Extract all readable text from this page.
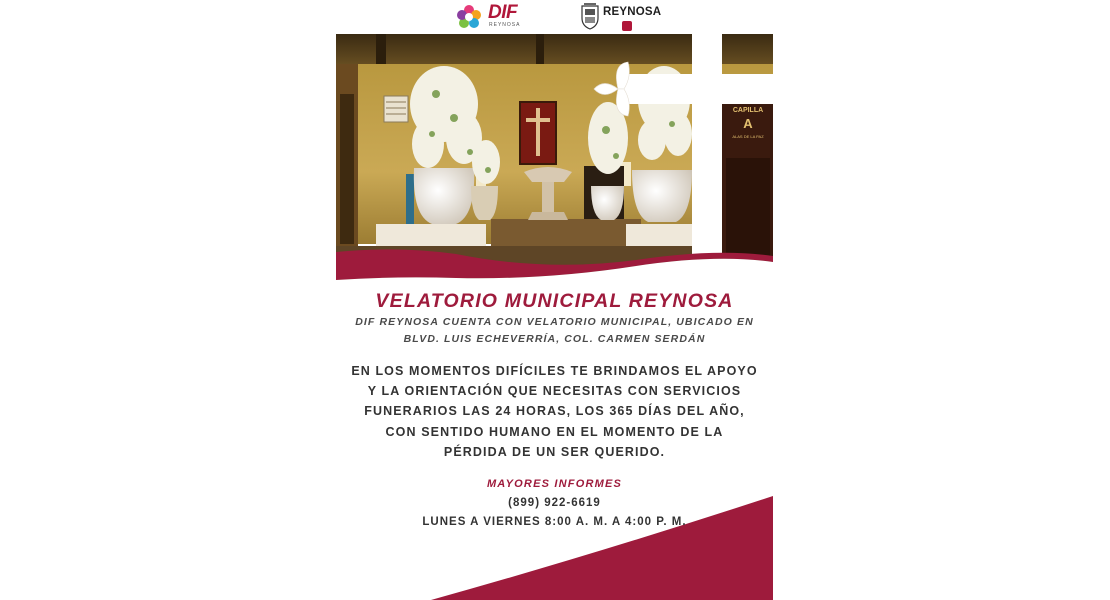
DIF
REYNOSA
REYNOSA
CAPILLA
A
ALAS DE LA PAZ
VELATORIO MUNICIPAL REYNOSA
DIF REYNOSA CUENTA CON VELATORIO MUNICIPAL, UBICADO EN
BLVD. LUIS ECHEVERRÍA, COL. CARMEN SERDÁN
EN LOS MOMENTOS DIFÍCILES TE BRINDAMOS EL APOYO
Y LA ORIENTACIÓN QUE NECESITAS CON SERVICIOS
FUNERARIOS LAS 24 HORAS, LOS 365 DÍAS DEL AÑO,
CON SENTIDO HUMANO EN EL MOMENTO DE LA
PÉRDIDA DE UN SER QUERIDO.
MAYORES INFORMES
(899) 922-6619
LUNES A VIERNES 8:00 A. M. A 4:00 P. M.
